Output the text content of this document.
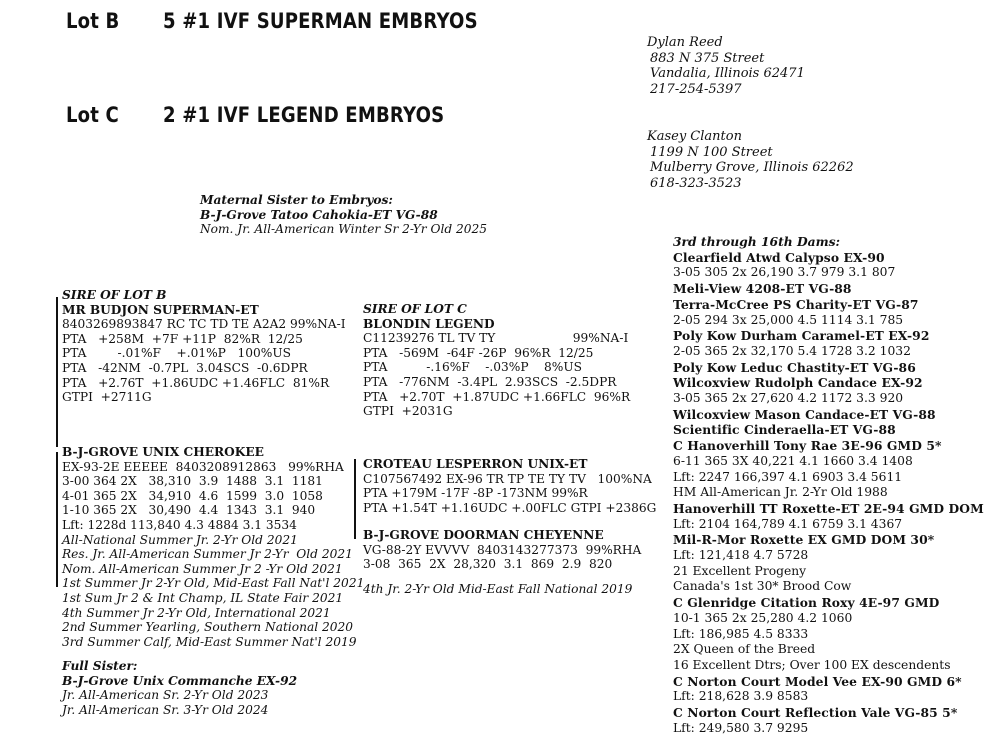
Lot B 5 #1 IVF SUPERMAN EMBRYOS
Lot C 2 #1 IVF LEGEND EMBRYOS
Dylan Reed
883 N 375 Street
Vandalia, Illinois 62471
217-254-5397
Kasey Clanton
1199 N 100 Street
Mulberry Grove, Illinois 62262
618-323-3523
Maternal Sister to Embryos:
B-J-Grove Tatoo Cahokia-ET VG-88
Nom. Jr. All-American Winter Sr 2-Yr Old 2025
SIRE OF LOT B
MR BUDJON SUPERMAN-ET
8403269893847 RC TC TD TE A2A2 99%NA-I
PTA   +258M  +7F +11P  82%R  12/25
PTA        -.01%F    +.01%P   100%US
PTA   -42NM  -0.7PL  3.04SCS  -0.6DPR
PTA   +2.76T  +1.86UDC +1.46FLC  81%R
GTPI  +2711G
SIRE OF LOT C
BLONDIN LEGEND
C11239276 TL TV TY                    99%NA-I
PTA   -569M  -64F -26P  96%R  12/25
PTA          -.16%F    -.03%P    8%US
PTA   -776NM  -3.4PL  2.93SCS  -2.5DPR
PTA   +2.70T  +1.87UDC +1.66FLC  96%R
GTPI  +2031G
B-J-GROVE UNIX CHEROKEE
EX-93-2E EEEEE  8403208912863   99%RHA
3-00 364 2X   38,310  3.9  1488  3.1  1181
4-01 365 2X   34,910  4.6  1599  3.0  1058
1-10 365 2X   30,490  4.4  1343  3.1  940
Lft: 1228d 113,840 4.3 4884 3.1 3534
All-National Summer Jr. 2-Yr Old 2021
Res. Jr. All-American Summer Jr 2-Yr  Old 2021
Nom. All-American Summer Jr 2 -Yr Old 2021
1st Summer Jr 2-Yr Old, Mid-East Fall Nat'l 2021
1st Sum Jr 2 & Int Champ, IL State Fair 2021
4th Summer Jr 2-Yr Old, International 2021
2nd Summer Yearling, Southern National 2020
3rd Summer Calf, Mid-East Summer Nat'l 2019
Full Sister:
B-J-Grove Unix Commanche EX-92
Jr. All-American Sr. 2-Yr Old 2023
Jr. All-American Sr. 3-Yr Old 2024
CROTEAU LESPERRON UNIX-ET
C107567492 EX-96 TR TP TE TY TV   100%NA
PTA +179M -17F -8P -173NM 99%R
PTA +1.54T +1.16UDC +.00FLC GTPI +2386G
B-J-GROVE DOORMAN CHEYENNE
VG-88-2Y EVVVV  8403143277373  99%RHA
3-08  365  2X  28,320  3.1  869  2.9  820
4th Jr. 2-Yr Old Mid-East Fall National 2019
3rd through 16th Dams:
Clearfield Atwd Calypso EX-90
3-05 305 2x 26,190 3.7 979 3.1 807
Meli-View 4208-ET VG-88
Terra-McCree PS Charity-ET VG-87
2-05 294 3x 25,000 4.5 1114 3.1 785
Poly Kow Durham Caramel-ET EX-92
2-05 365 2x 32,170 5.4 1728 3.2 1032
Poly Kow Leduc Chastity-ET VG-86
Wilcoxview Rudolph Candace EX-92
3-05 365 2x 27,620 4.2 1172 3.3 920
Wilcoxview Mason Candace-ET VG-88
Scientific Cinderaella-ET VG-88
C Hanoverhill Tony Rae 3E-96 GMD 5*
6-11 365 3X 40,221 4.1 1660 3.4 1408
Lft: 2247 166,397 4.1 6903 3.4 5611
HM All-American Jr. 2-Yr Old 1988
Hanoverhill TT Roxette-ET 2E-94 GMD DOM
Lft: 2104 164,789 4.1 6759 3.1 4367
Mil-R-Mor Roxette EX GMD DOM 30*
Lft: 121,418 4.7 5728
21 Excellent Progeny
Canada's 1st 30* Brood Cow
C Glenridge Citation Roxy 4E-97 GMD
10-1 365 2x 25,280 4.2 1060
Lft: 186,985 4.5 8333
2X Queen of the Breed
16 Excellent Dtrs; Over 100 EX descendents
C Norton Court Model Vee EX-90 GMD 6*
Lft: 218,628 3.9 8583
C Norton Court Reflection Vale VG-85 5*
Lft: 249,580 3.7 9295
